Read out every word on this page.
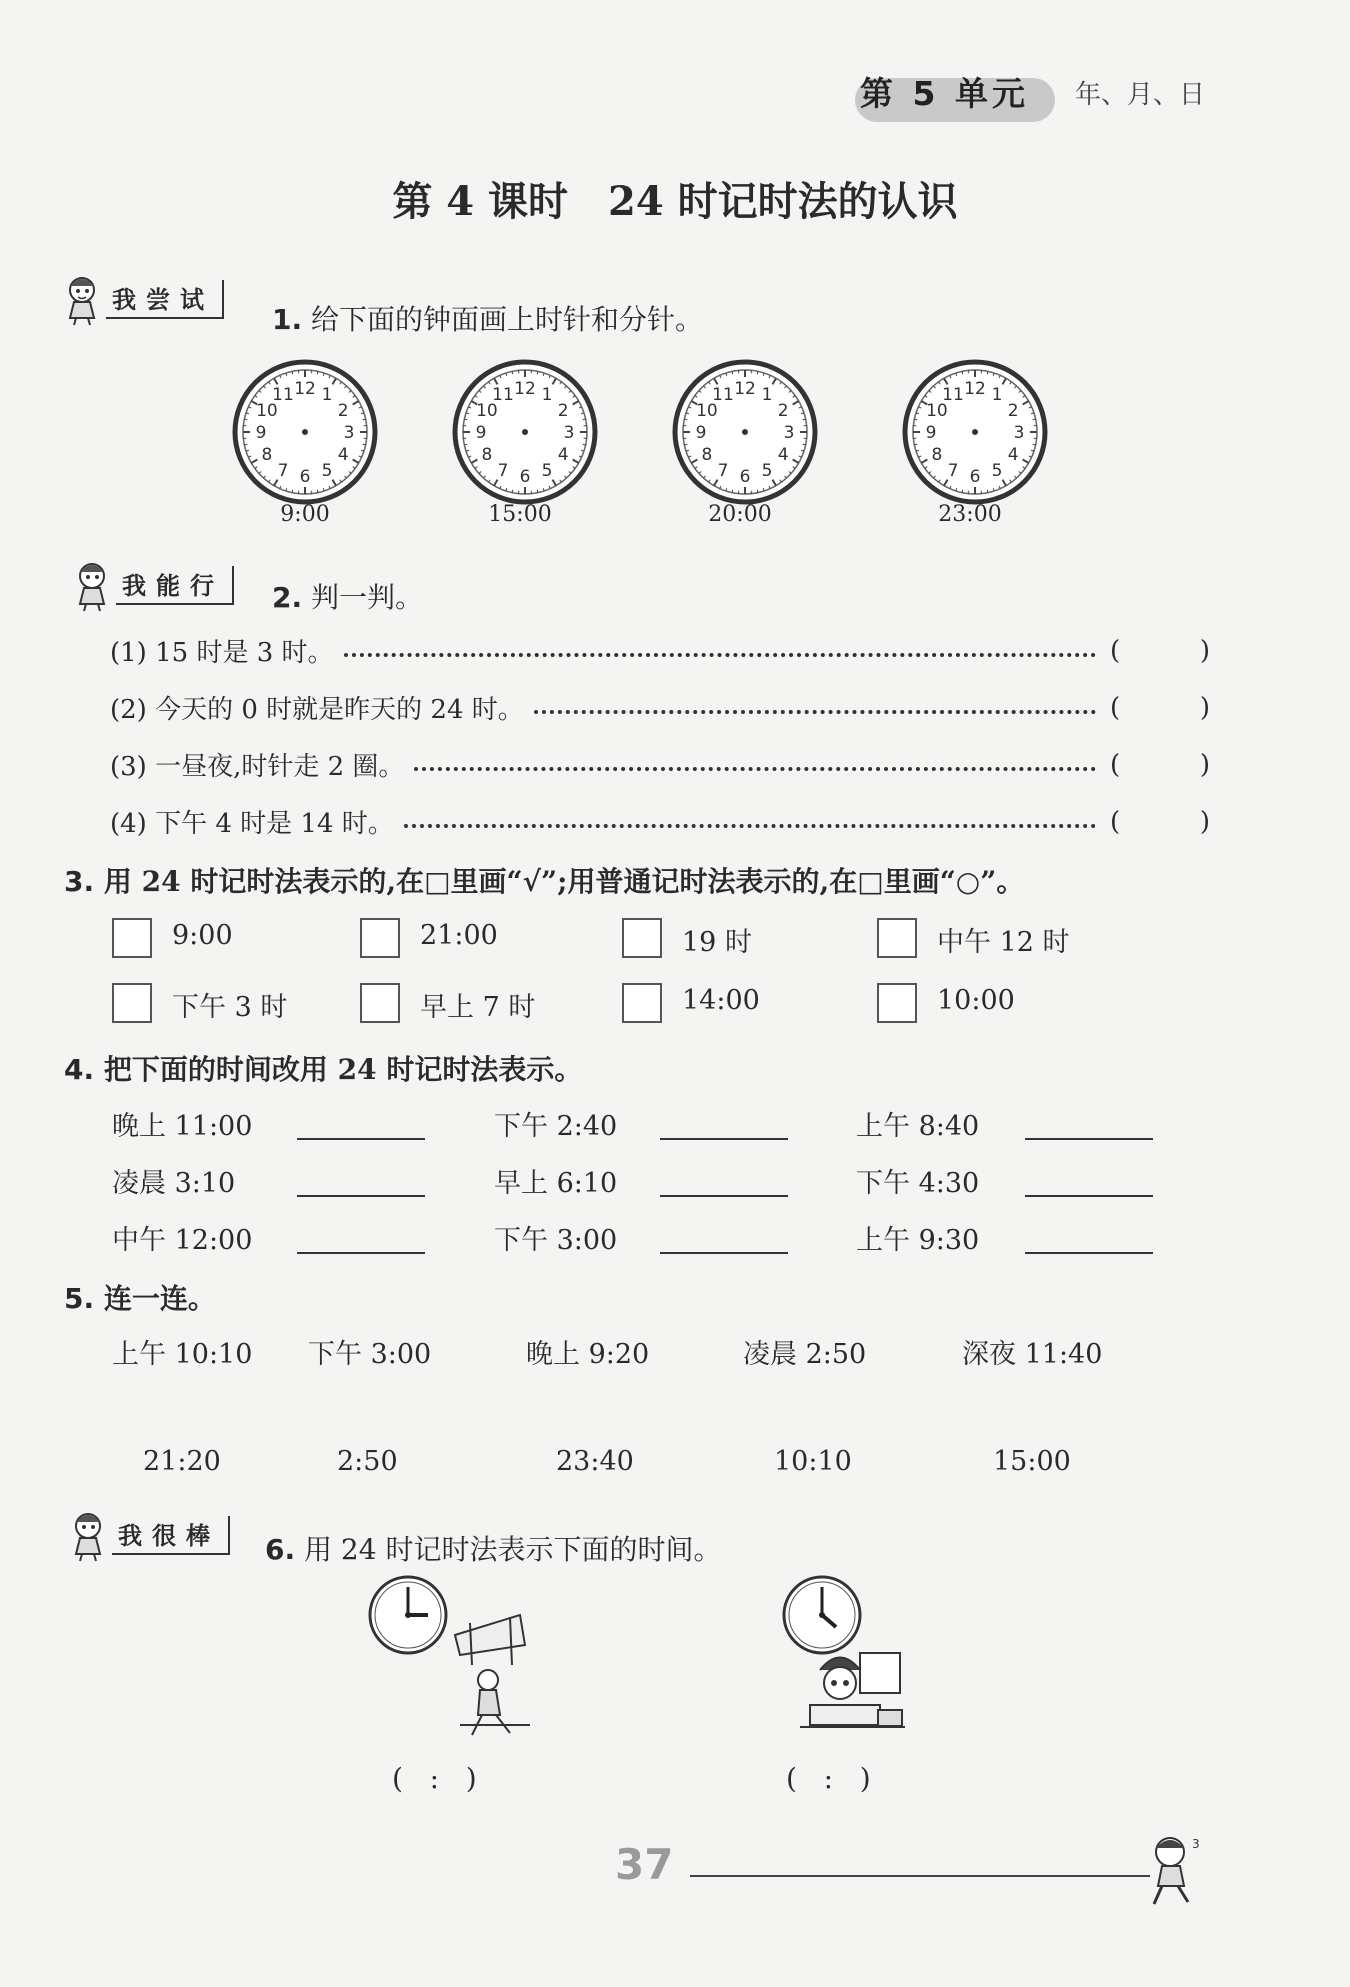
第 5 单元 年、月、日
第 4 课时　24 时记时法的认识
我尝试
1. 给下面的钟面画上时针和分针。
1
2
3
4
5
6
7
8
9
10
11 12	1
2
3
4
5
6
7
8
9
10
11 12	1
2
3
4
5
6
7
8
9
10
11 12	1
2
3
4
5
6
7
8
9
10
11 12
9:00	15:00	20:00	23:00
我能行	2. 判一判。
(1) 15 时是 3 时。	(	)
(2) 今天的 0 时就是昨天的 24 时。	(	)
(3) 一昼夜,时针走 2 圈。	(	)
(4) 下午 4 时是 14 时。	(	)
3. 用 24 时记时法表示的,在□里画“√”;用普通记时法表示的,在□里画“○”。
9:00	21:00	19 时	中午 12 时
下午 3 时	早上 7 时	14:00	10:00
4. 把下面的时间改用 24 时记时法表示。
晚上 11:00	下午 2:40	上午 8:40
凌晨 3:10	早上 6:10	下午 4:30
中午 12:00	下午 3:00	上午 9:30
5. 连一连。
上午 10:10 下午 3:00	晚上 9:20	凌晨 2:50	深夜 11:40
21:20	2:50	23:40	10:10	15:00
我很棒	6. 用 24 时记时法表示下面的时间。
(   :   )	(   :   )
37	3
